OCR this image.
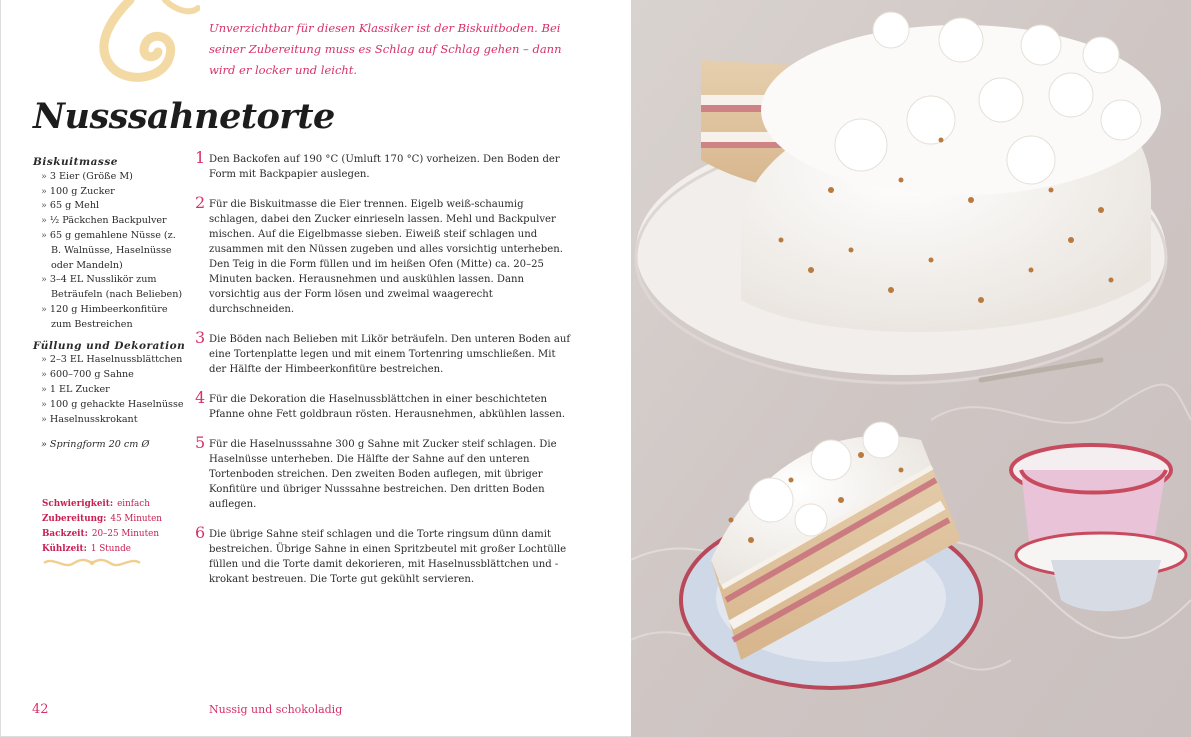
Unverzichtbar für diesen Klassiker ist der Biskuitboden. Bei seiner Zubereitung muss es Schlag auf Schlag gehen – dann wird er locker und leicht.
Nusssahnetorte

Biskuitmasse

» 3 Eier (Größe M)
» 100 g Zucker
» 65 g Mehl
» ½ Päckchen Backpulver
» 65 g gemahlene Nüsse (z. B. Walnüsse, Haselnüsse oder Mandeln)
» 3–4 EL Nusslikör zum Beträufeln (nach Belieben)
» 120 g Himbeerkonfitüre zum Bestreichen

Füllung und Dekoration

» 2–3 EL Haselnussblättchen
» 600–700 g Sahne
» 1 EL Zucker
» 100 g gehackte Haselnüsse
» Haselnusskrokant
» Springform 20 cm Ø
Schwierigkeit: einfach
Zubereitung: 45 Minuten
Backzeit: 20–25 Minuten
Kühlzeit: 1 Stunde
1 Den Backofen auf 190 °C (Umluft 170 °C) vorheizen. Den Boden der Form mit Backpapier auslegen.
2 Für die Biskuitmasse die Eier trennen. Eigelb weiß-schaumig schlagen, dabei den Zucker einrieseln lassen. Mehl und Backpulver mischen. Auf die Eigelbmasse sieben. Eiweiß steif schlagen und zusammen mit den Nüssen zugeben und alles vorsichtig unterheben. Den Teig in die Form füllen und im heißen Ofen (Mitte) ca. 20–25 Minuten backen. Herausnehmen und auskühlen lassen. Dann vorsichtig aus der Form lösen und zweimal waagerecht durchschneiden.
3 Die Böden nach Belieben mit Likör beträufeln. Den unteren Boden auf eine Tortenplatte legen und mit einem Tortenring umschließen. Mit der Hälfte der Himbeerkonfitüre bestreichen.
4 Für die Dekoration die Haselnussblättchen in einer beschichteten Pfanne ohne Fett goldbraun rösten. Herausnehmen, abkühlen lassen.
5 Für die Haselnusssahne 300 g Sahne mit Zucker steif schlagen. Die Haselnüsse unterheben. Die Hälfte der Sahne auf den unteren Tortenboden streichen. Den zweiten Boden auflegen, mit übriger Konfitüre und übriger Nusssahne bestreichen. Den dritten Boden auflegen.
6 Die übrige Sahne steif schlagen und die Torte ringsum dünn damit bestreichen. Übrige Sahne in einen Spritzbeutel mit großer Lochtülle füllen und die Torte damit dekorieren, mit Haselnussblättchen und -krokant bestreuen. Die Torte gut gekühlt servieren.
42	Nussig und schokoladig
